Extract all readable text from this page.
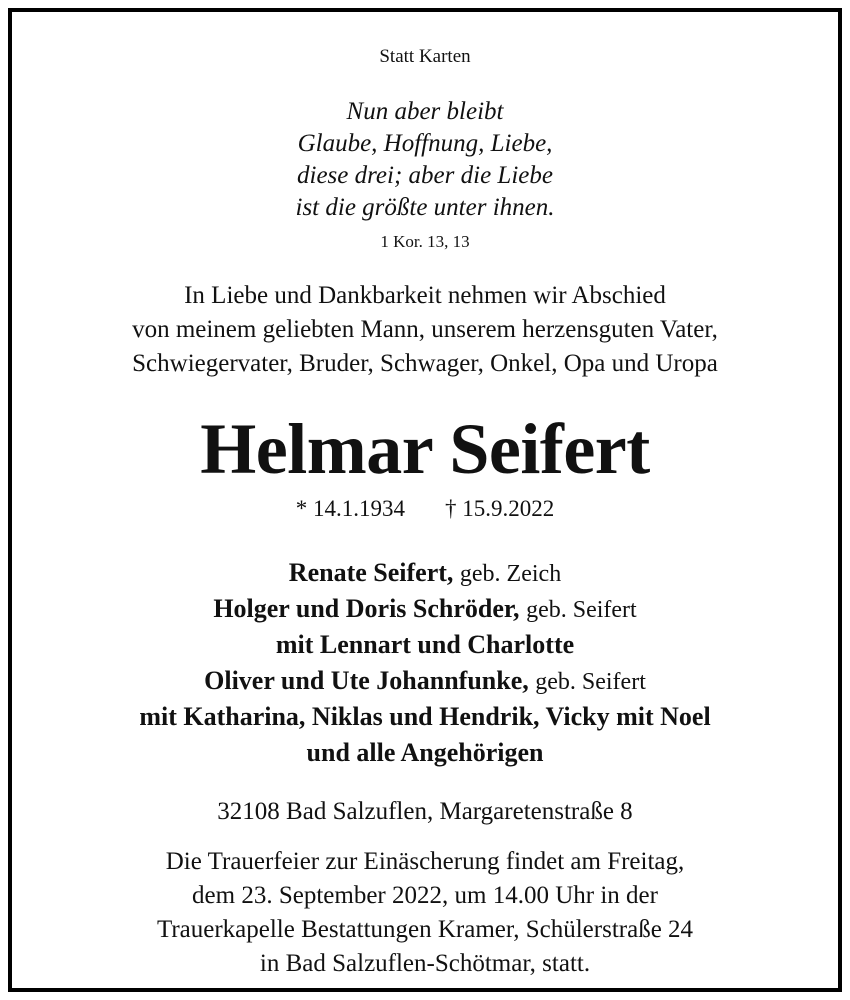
Statt Karten
Nun aber bleibt
Glaube, Hoffnung, Liebe,
diese drei; aber die Liebe
ist die größte unter ihnen.
1 Kor. 13, 13
In Liebe und Dankbarkeit nehmen wir Abschied
von meinem geliebten Mann, unserem herzensguten Vater,
Schwiegervater, Bruder, Schwager, Onkel, Opa und Uropa
Helmar Seifert
* 14.1.1934 † 15.9.2022
Renate Seifert, geb. Zeich
Holger und Doris Schröder, geb. Seifert
mit Lennart und Charlotte
Oliver und Ute Johannfunke, geb. Seifert
mit Katharina, Niklas und Hendrik, Vicky mit Noel
und alle Angehörigen
32108 Bad Salzuflen, Margaretenstraße 8
Die Trauerfeier zur Einäscherung findet am Freitag,
dem 23. September 2022, um 14.00 Uhr in der
Trauerkapelle Bestattungen Kramer, Schülerstraße 24
in Bad Salzuflen-Schötmar, statt.
